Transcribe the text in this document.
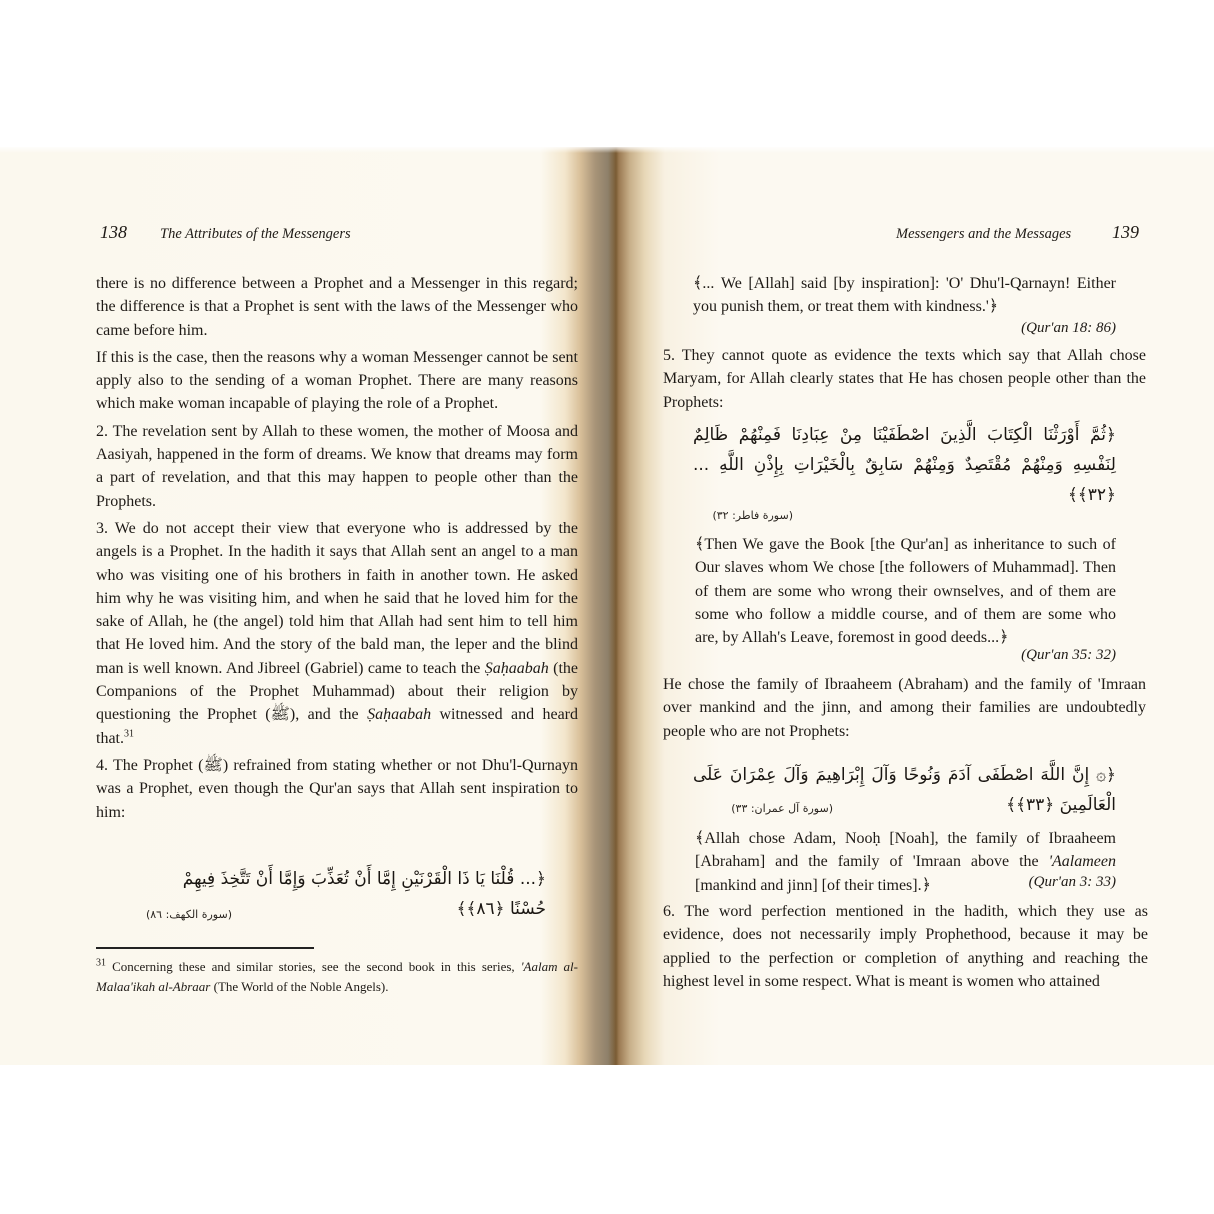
138 The Attributes of the Messengers

there is no difference between a Prophet and a Messenger in this regard; the difference is that a Prophet is sent with the laws of the Messenger who came before him.

If this is the case, then the reasons why a woman Messenger cannot be sent apply also to the sending of a woman Prophet. There are many reasons which make woman incapable of playing the role of a Prophet.

2. The revelation sent by Allah to these women, the mother of Moosa and Aasiyah, happened in the form of dreams. We know that dreams may form a part of revelation, and that this may happen to people other than the Prophets.

3. We do not accept their view that everyone who is addressed by the angels is a Prophet. In the hadith it says that Allah sent an angel to a man who was visiting one of his brothers in faith in another town. He asked him why he was visiting him, and when he said that he loved him for the sake of Allah, he (the angel) told him that Allah had sent him to tell him that He loved him. And the story of the bald man, the leper and the blind man is well known. And Jibreel (Gabriel) came to teach the Ṣaḥaabah (the Companions of the Prophet Muhammad) about their religion by questioning the Prophet (ﷺ), and the Ṣaḥaabah witnessed and heard that.$^{31}$

4. The Prophet (ﷺ) refrained from stating whether or not Dhu'l-Qurnayn was a Prophet, even though the Qur'an says that Allah sent inspiration to him:

﴿... قُلْنَا يَا ذَا الْقَرْنَيْنِ إِمَّا أَنْ تُعَذِّبَ وَإِمَّا أَنْ تَتَّخِذَ فِيهِمْ حُسْنًا ﴿٨٦﴾﴾
(سورة الكهف: ٨٦)
$^{31}$ Concerning these and similar stories, see the second book in this series, 'Aalam al-Malaa'ikah al-Abraar (The World of the Noble Angels).
Messengers and the Messages 139
﴾... We [Allah] said [by inspiration]: 'O' Dhu'l-Qarnayn! Either you punish them, or treat them with kindness.'﴿
(Qur'an 18: 86)
5. They cannot quote as evidence the texts which say that Allah chose Maryam, for Allah clearly states that He has chosen people other than the Prophets:
﴿ثُمَّ أَوْرَثْنَا الْكِتَابَ الَّذِينَ اصْطَفَيْنَا مِنْ عِبَادِنَا فَمِنْهُمْ ظَالِمٌ لِنَفْسِهِ وَمِنْهُمْ مُقْتَصِدٌ وَمِنْهُمْ سَابِقٌ بِالْخَيْرَاتِ بِإِذْنِ اللَّهِ ... ﴿٣٢﴾﴾
(سورة فاطر: ٣٢)
﴾Then We gave the Book [the Qur'an] as inheritance to such of Our slaves whom We chose [the followers of Muhammad]. Then of them are some who wrong their ownselves, and of them are some who follow a middle course, and of them are some who are, by Allah's Leave, foremost in good deeds...﴿
(Qur'an 35: 32)
He chose the family of Ibraaheem (Abraham) and the family of 'Imraan over mankind and the jinn, and among their families are undoubtedly people who are not Prophets:
﴿۞ إِنَّ اللَّهَ اصْطَفَى آدَمَ وَنُوحًا وَآلَ إِبْرَاهِيمَ وَآلَ عِمْرَانَ عَلَى الْعَالَمِينَ ﴿٣٣﴾﴾
(سورة آل عمران: ٣٣)
﴾Allah chose Adam, Nooḥ [Noah], the family of Ibraaheem [Abraham] and the family of 'Imraan above the 'Aalameen [mankind and jinn] [of their times].﴿	(Qur'an 3: 33)
6. The word perfection mentioned in the hadith, which they use as evidence, does not necessarily imply Prophethood, because it may be applied to the perfection or completion of anything and reaching the highest level in some respect. What is meant is women who attained
